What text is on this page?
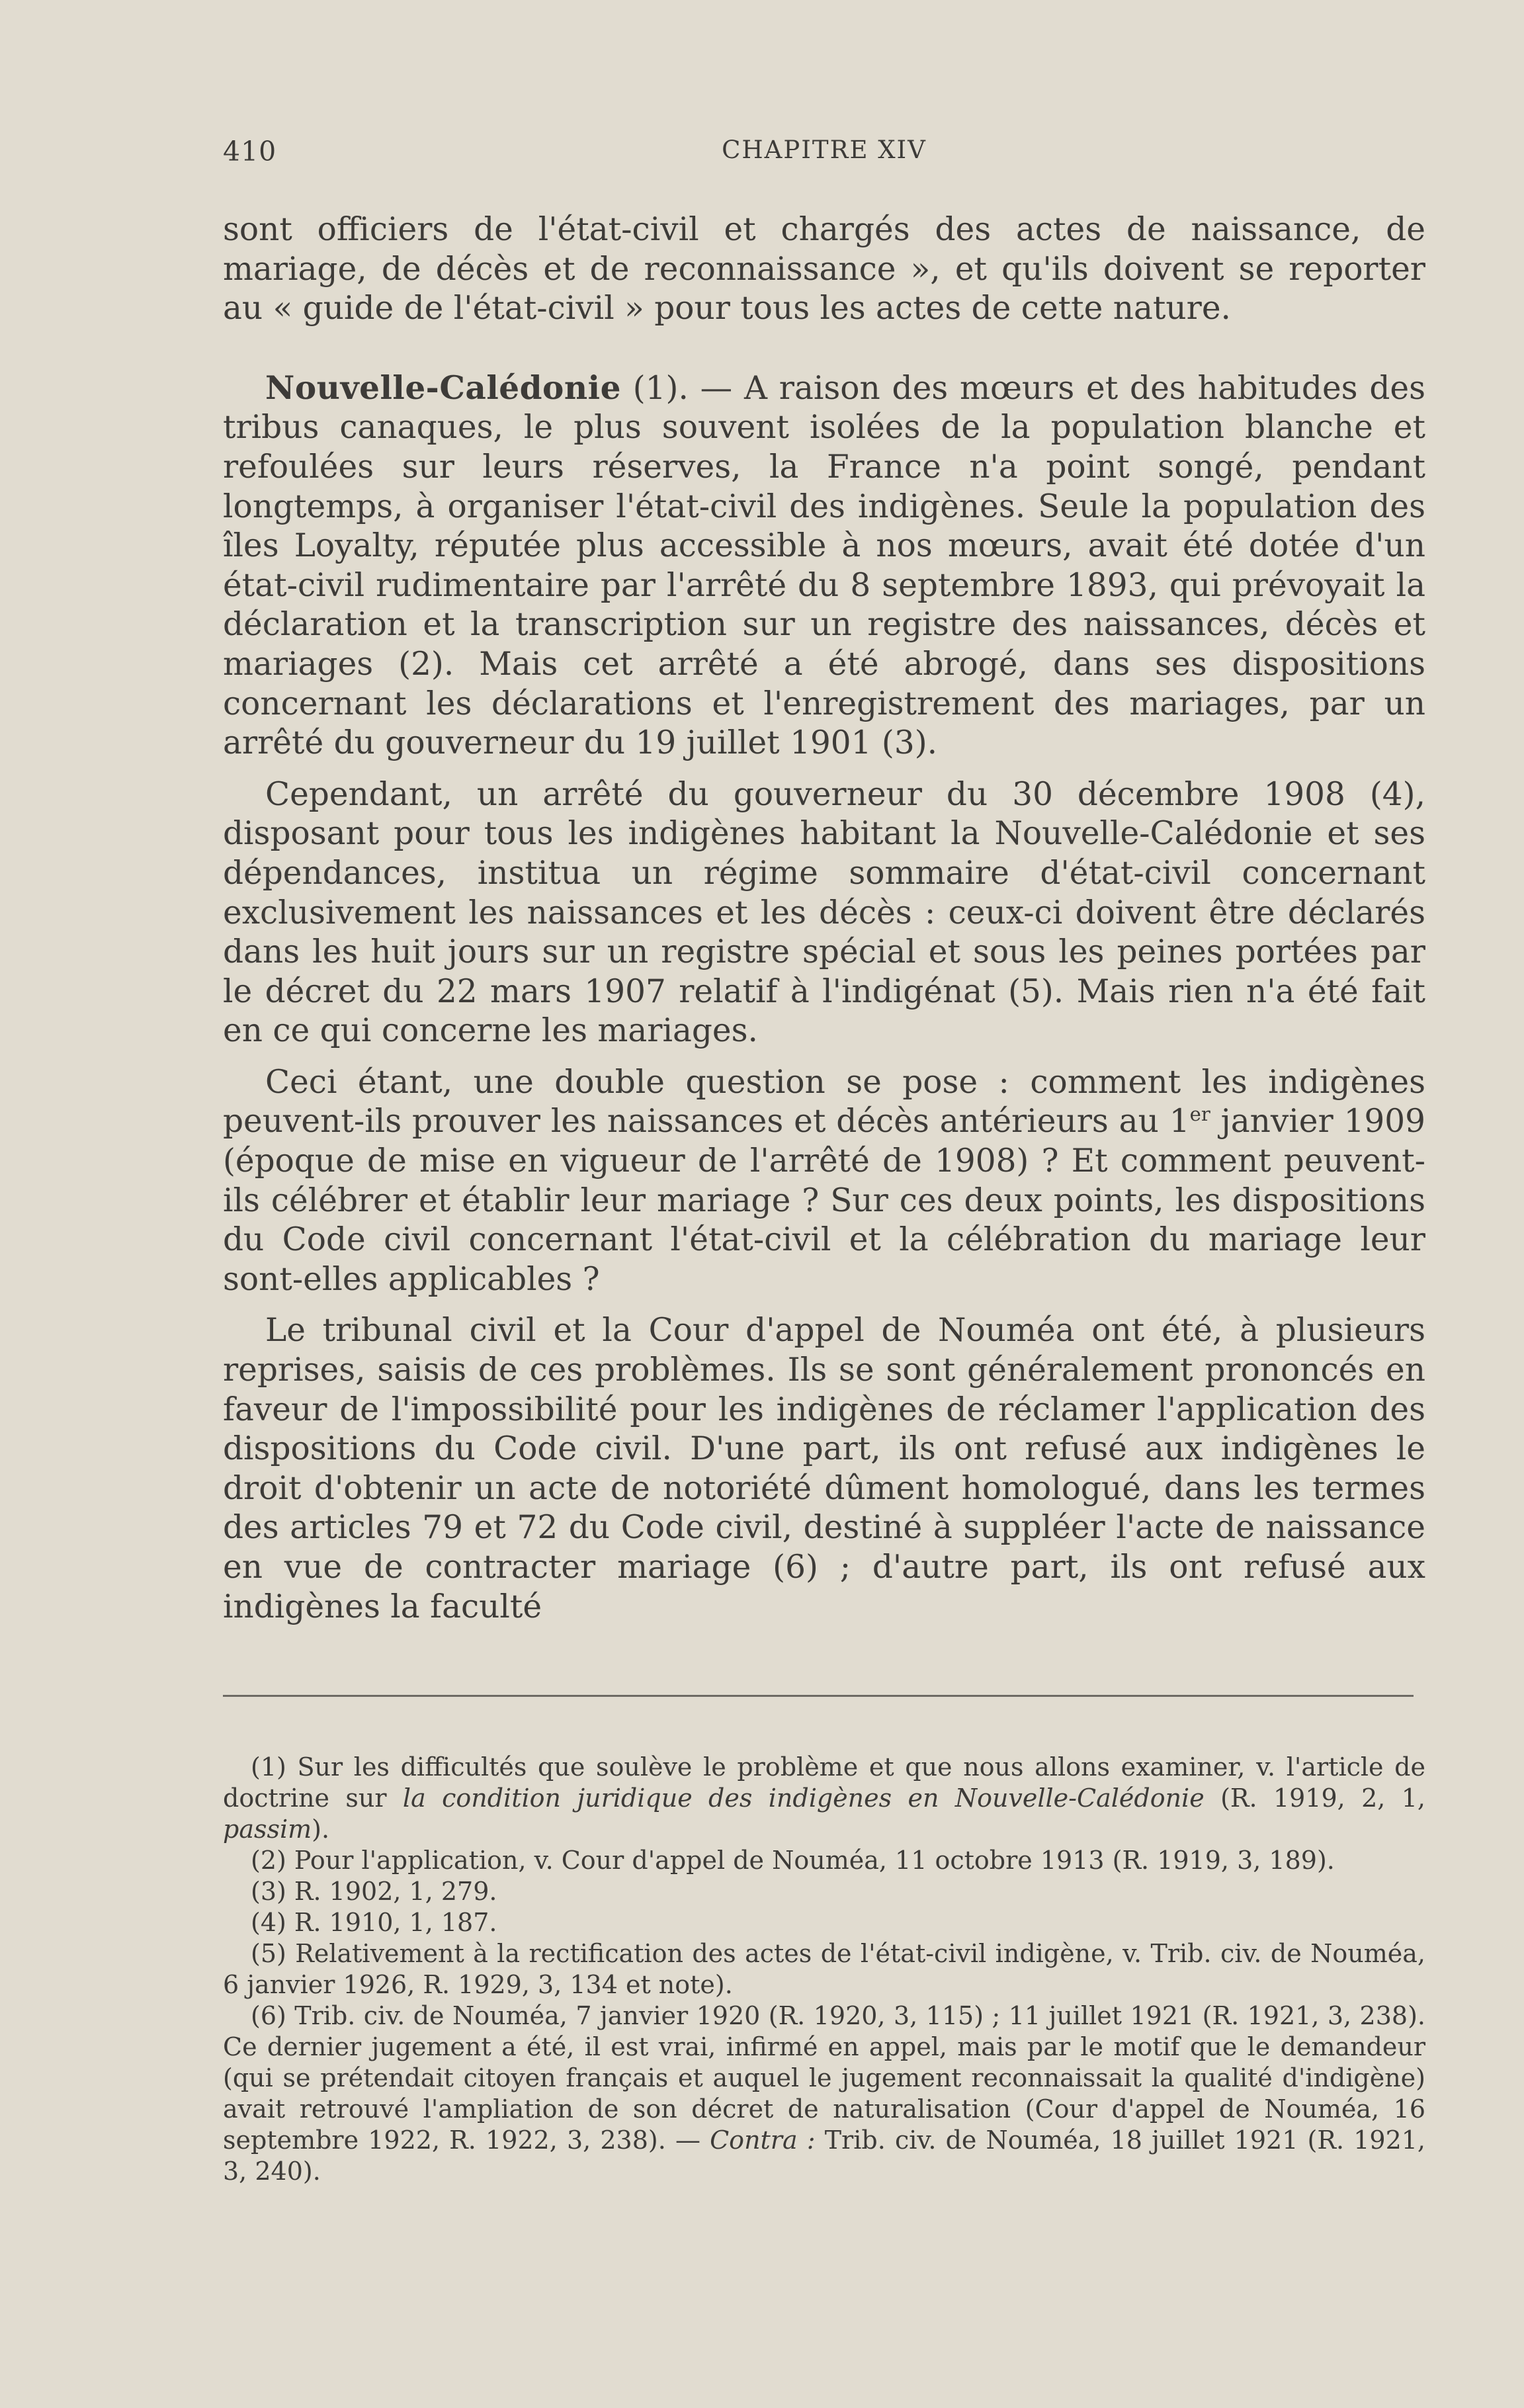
410	CHAPITRE XIV

sont officiers de l'état-civil et chargés des actes de naissance, de mariage, de décès et de reconnaissance », et qu'ils doivent se reporter au « guide de l'état-civil » pour tous les actes de cette nature.

Nouvelle-Calédonie (1). — A raison des mœurs et des habitudes des tribus canaques, le plus souvent isolées de la population blanche et refoulées sur leurs réserves, la France n'a point songé, pendant longtemps, à organiser l'état-civil des indigènes. Seule la population des îles Loyalty, réputée plus accessible à nos mœurs, avait été dotée d'un état-civil rudimentaire par l'arrêté du 8 septembre 1893, qui prévoyait la déclaration et la transcription sur un registre des naissances, décès et mariages (2). Mais cet arrêté a été abrogé, dans ses dispositions concernant les déclarations et l'enregistrement des mariages, par un arrêté du gouverneur du 19 juillet 1901 (3).

Cependant, un arrêté du gouverneur du 30 décembre 1908 (4), disposant pour tous les indigènes habitant la Nouvelle-Calédonie et ses dépendances, institua un régime sommaire d'état-civil concernant exclusivement les naissances et les décès : ceux-ci doivent être déclarés dans les huit jours sur un registre spécial et sous les peines portées par le décret du 22 mars 1907 relatif à l'indigénat (5). Mais rien n'a été fait en ce qui concerne les mariages.

Ceci étant, une double question se pose : comment les indigènes peuvent-ils prouver les naissances et décès antérieurs au 1er janvier 1909 (époque de mise en vigueur de l'arrêté de 1908) ? Et comment peuvent-ils célébrer et établir leur mariage ? Sur ces deux points, les dispositions du Code civil concernant l'état-civil et la célébration du mariage leur sont-elles applicables ?

Le tribunal civil et la Cour d'appel de Nouméa ont été, à plusieurs reprises, saisis de ces problèmes. Ils se sont généralement prononcés en faveur de l'impossibilité pour les indigènes de réclamer l'application des dispositions du Code civil. D'une part, ils ont refusé aux indigènes le droit d'obtenir un acte de notoriété dûment homologué, dans les termes des articles 79 et 72 du Code civil, destiné à suppléer l'acte de naissance en vue de contracter mariage (6) ; d'autre part, ils ont refusé aux indigènes la faculté

(1) Sur les difficultés que soulève le problème et que nous allons examiner, v. l'article de doctrine sur la condition juridique des indigènes en Nouvelle-Calédonie (R. 1919, 2, 1, passim).

(2) Pour l'application, v. Cour d'appel de Nouméa, 11 octobre 1913 (R. 1919, 3, 189).

(3) R. 1902, 1, 279.

(4) R. 1910, 1, 187.

(5) Relativement à la rectification des actes de l'état-civil indigène, v. Trib. civ. de Nouméa, 6 janvier 1926, R. 1929, 3, 134 et note).

(6) Trib. civ. de Nouméa, 7 janvier 1920 (R. 1920, 3, 115) ; 11 juillet 1921 (R. 1921, 3, 238). Ce dernier jugement a été, il est vrai, infirmé en appel, mais par le motif que le demandeur (qui se prétendait citoyen français et auquel le jugement reconnaissait la qualité d'indigène) avait retrouvé l'ampliation de son décret de naturalisation (Cour d'appel de Nouméa, 16 septembre 1922, R. 1922, 3, 238). — Contra : Trib. civ. de Nouméa, 18 juillet 1921 (R. 1921, 3, 240).
